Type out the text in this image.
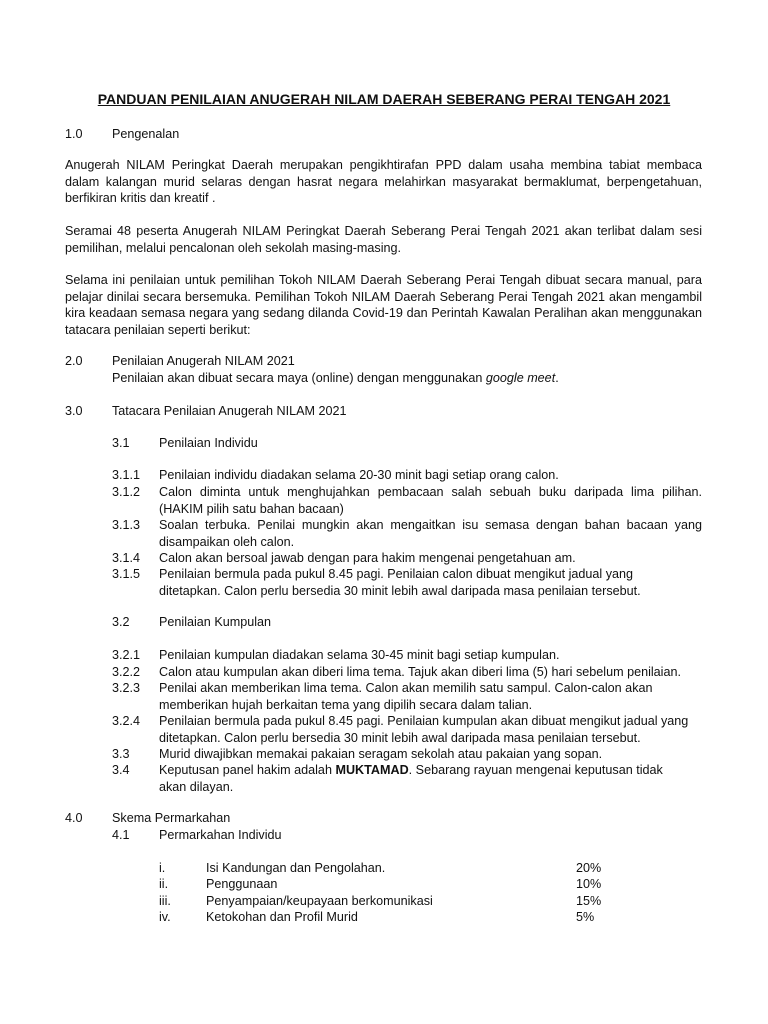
PANDUAN PENILAIAN ANUGERAH NILAM DAERAH SEBERANG PERAI TENGAH 2021
1.0 Pengenalan
Anugerah NILAM Peringkat Daerah merupakan pengikhtirafan PPD dalam usaha membina tabiat membaca dalam kalangan murid selaras dengan hasrat negara melahirkan masyarakat bermaklumat, berpengetahuan, berfikiran kritis dan kreatif .
Seramai 48 peserta Anugerah NILAM Peringkat Daerah Seberang Perai Tengah 2021 akan terlibat dalam sesi pemilihan, melalui pencalonan oleh sekolah masing-masing.
Selama ini penilaian untuk pemilihan Tokoh NILAM Daerah Seberang Perai Tengah dibuat secara manual, para pelajar dinilai secara bersemuka. Pemilihan Tokoh NILAM Daerah Seberang Perai Tengah 2021 akan mengambil kira keadaan semasa negara yang sedang dilanda Covid-19 dan Perintah Kawalan Peralihan akan menggunakan tatacara penilaian seperti berikut:
2.0 Penilaian Anugerah NILAM 2021
Penilaian akan dibuat secara maya (online) dengan menggunakan google meet.
3.0 Tatacara Penilaian Anugerah NILAM 2021
3.1 Penilaian Individu
3.1.1 Penilaian individu diadakan selama 20-30 minit bagi setiap orang calon.
3.1.2 Calon diminta untuk menghujahkan pembacaan salah sebuah buku daripada lima pilihan. (HAKIM pilih satu bahan bacaan)
3.1.3 Soalan terbuka. Penilai mungkin akan mengaitkan isu semasa dengan bahan bacaan yang disampaikan oleh calon.
3.1.4 Calon akan bersoal jawab dengan para hakim mengenai pengetahuan am.
3.1.5 Penilaian bermula pada pukul 8.45 pagi. Penilaian calon dibuat mengikut jadual yang ditetapkan. Calon perlu bersedia 30 minit lebih awal daripada masa penilaian tersebut.
3.2 Penilaian Kumpulan
3.2.1 Penilaian kumpulan diadakan selama 30-45 minit bagi setiap kumpulan.
3.2.2 Calon atau kumpulan akan diberi lima tema. Tajuk akan diberi lima (5) hari sebelum penilaian.
3.2.3 Penilai akan memberikan lima tema. Calon akan memilih satu sampul. Calon-calon akan memberikan hujah berkaitan tema yang dipilih secara dalam talian.
3.2.4 Penilaian bermula pada pukul 8.45 pagi. Penilaian kumpulan akan dibuat mengikut jadual yang ditetapkan. Calon perlu bersedia 30 minit lebih awal daripada masa penilaian tersebut.
3.3 Murid diwajibkan memakai pakaian seragam sekolah atau pakaian yang sopan.
3.4 Keputusan panel hakim adalah MUKTAMAD. Sebarang rayuan mengenai keputusan tidak akan dilayan.
4.0 Skema Permarkahan
4.1 Permarkahan Individu
i.	Isi Kandungan dan Pengolahan.	20%
ii.	Penggunaan	10%
iii.	Penyampaian/keupayaan berkomunikasi	15%
iv.	Ketokohan dan Profil Murid	5%
